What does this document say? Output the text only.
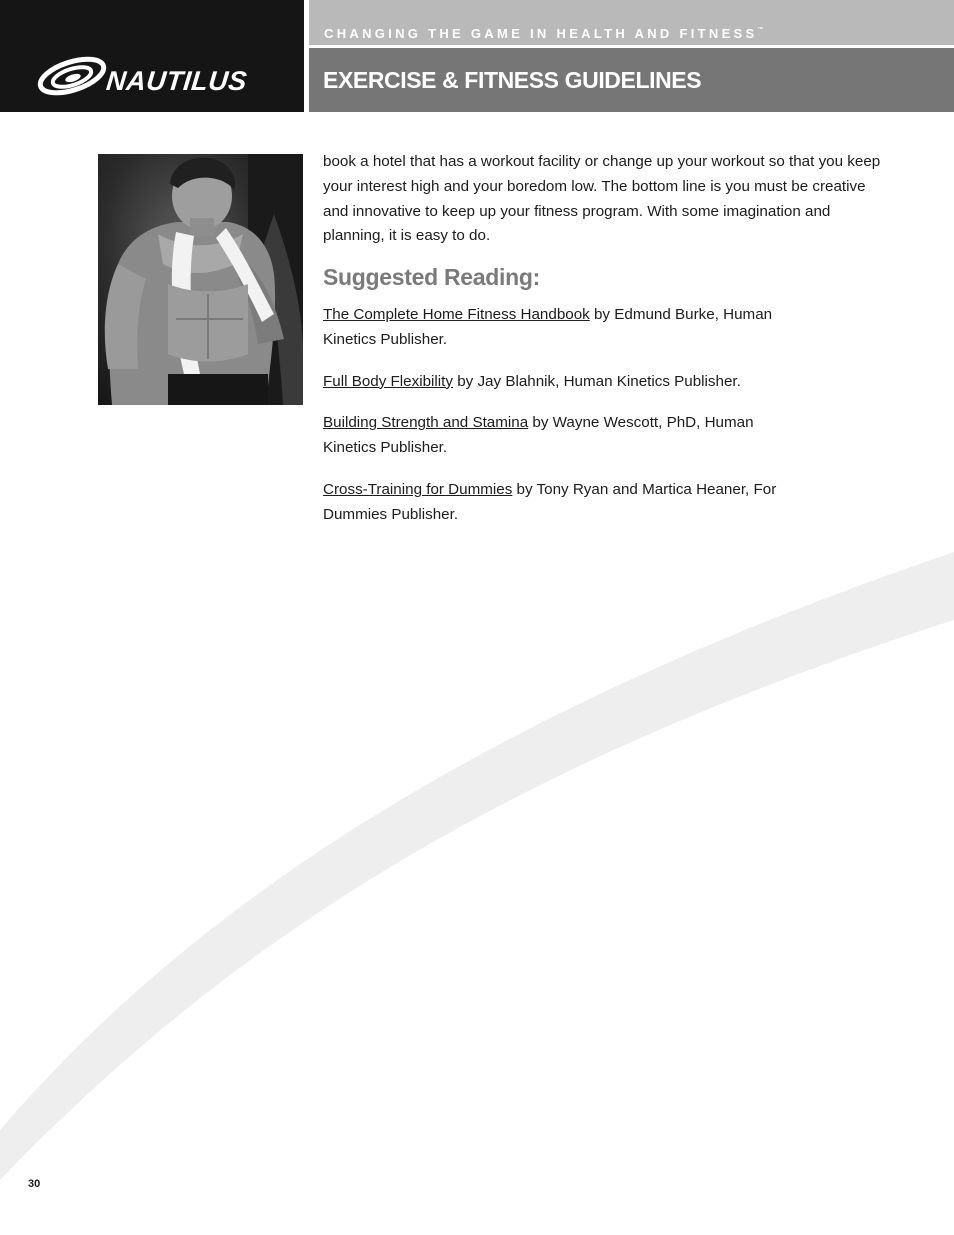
NAUTILUS
CHANGING THE GAME IN HEALTH AND FITNESS™
EXERCISE & FITNESS GUIDELINES

book a hotel that has a workout facility or change up your workout so that you keep your interest high and your boredom low. The bottom line is you must be creative and innovative to keep up your fitness program. With some imagination and planning, it is easy to do.

Suggested Reading:

The Complete Home Fitness Handbook by Edmund Burke, Human Kinetics Publisher.

Full Body Flexibility by Jay Blahnik, Human Kinetics Publisher.

Building Strength and Stamina by Wayne Wescott, PhD, Human Kinetics Publisher.

Cross-Training for Dummies by Tony Ryan and Martica Heaner, For Dummies Publisher.

30
